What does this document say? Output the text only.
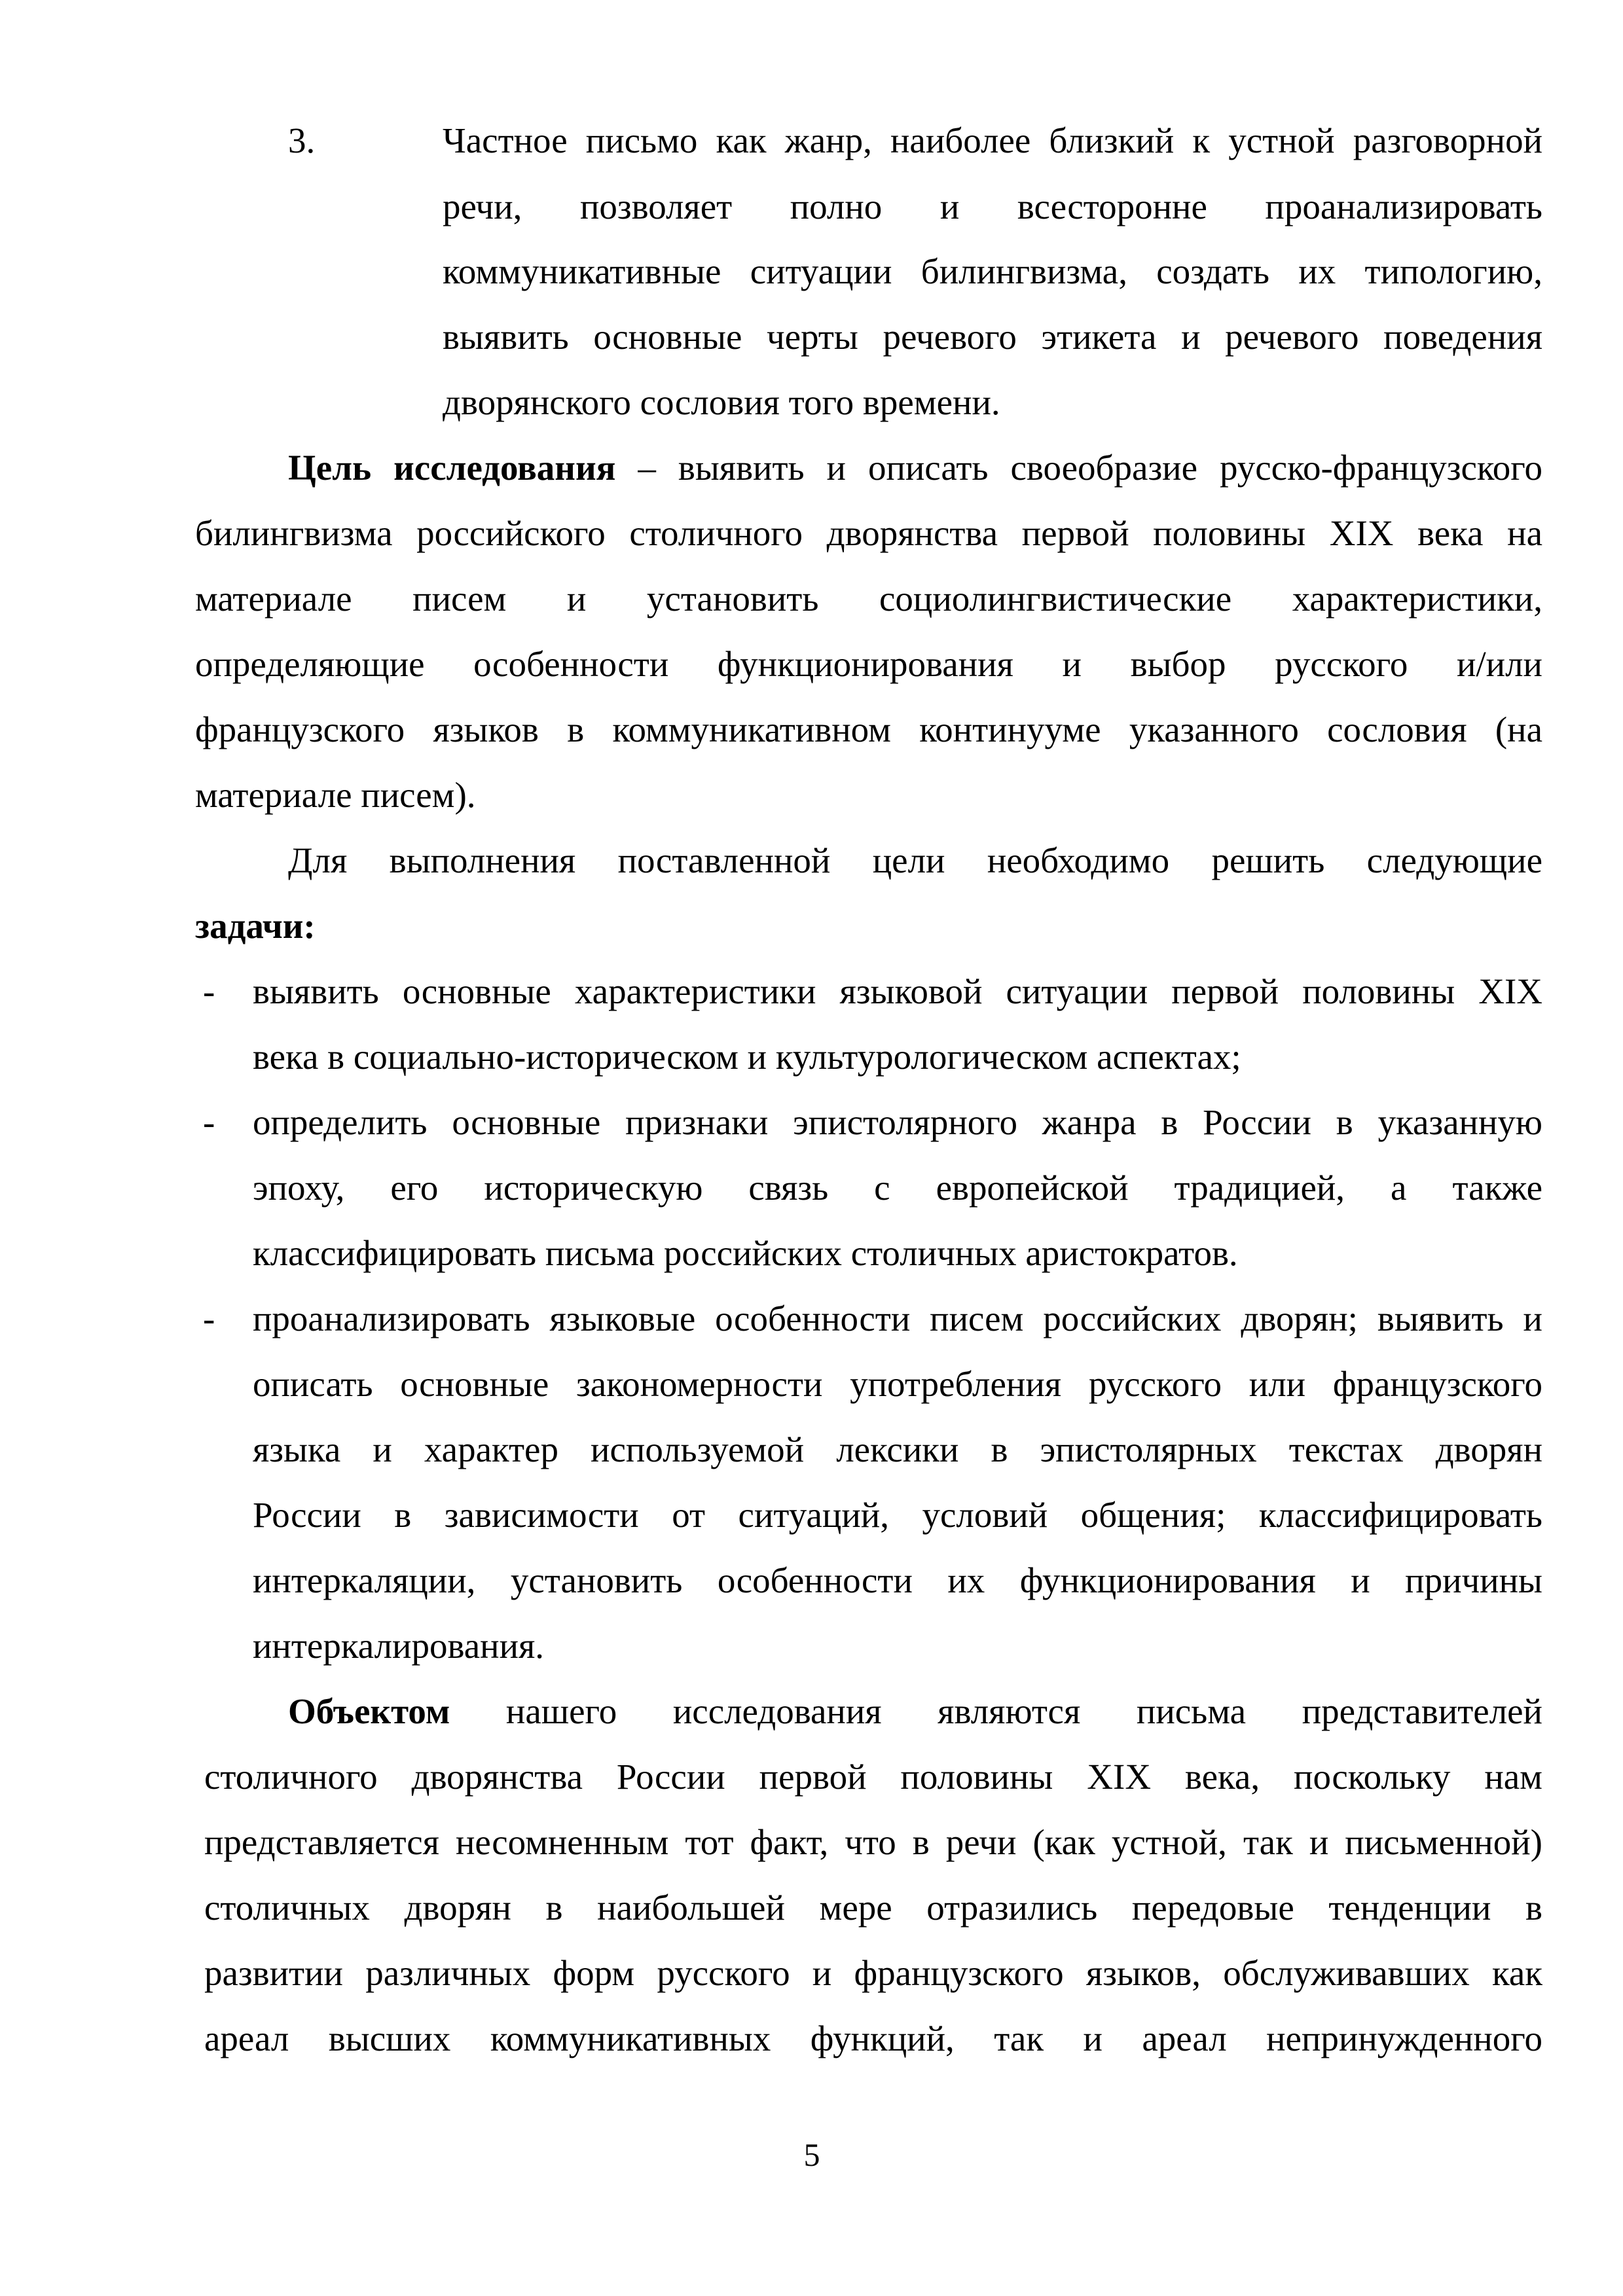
3.	Частное письмо как жанр, наиболее близкий к устной разговорной
речи, позволяет полно и всесторонне проанализировать
коммуникативные ситуации билингвизма, создать их типологию,
выявить основные черты речевого этикета и речевого поведения
дворянского сословия того времени.
Цель исследования – выявить и описать своеобразие русско-французского
билингвизма российского столичного дворянства первой половины XIX века на
материале писем и установить социолингвистические характеристики,
определяющие особенности функционирования и выбор русского и/или
французского языков в коммуникативном континууме указанного сословия (на
материале писем).
Для выполнения поставленной цели необходимо решить следующие
задачи:
- выявить основные характеристики языковой ситуации первой половины XIX
века в социально-историческом и культурологическом аспектах;
- определить основные признаки эпистолярного жанра в России в указанную
эпоху, его историческую связь с европейской традицией, а также
классифицировать письма российских столичных аристократов.
- проанализировать языковые особенности писем российских дворян; выявить и
описать основные закономерности употребления русского или французского
языка и характер используемой лексики в эпистолярных текстах дворян
России в зависимости от ситуаций, условий общения; классифицировать
интеркаляции, установить особенности их функционирования и причины
интеркалирования.
Объектом нашего исследования являются письма представителей
столичного дворянства России первой половины XIX века, поскольку нам
представляется несомненным тот факт, что в речи (как устной, так и письменной)
столичных дворян в наибольшей мере отразились передовые тенденции в
развитии различных форм русского и французского языков, обслуживавших как
ареал высших коммуникативных функций, так и ареал непринужденного
5
